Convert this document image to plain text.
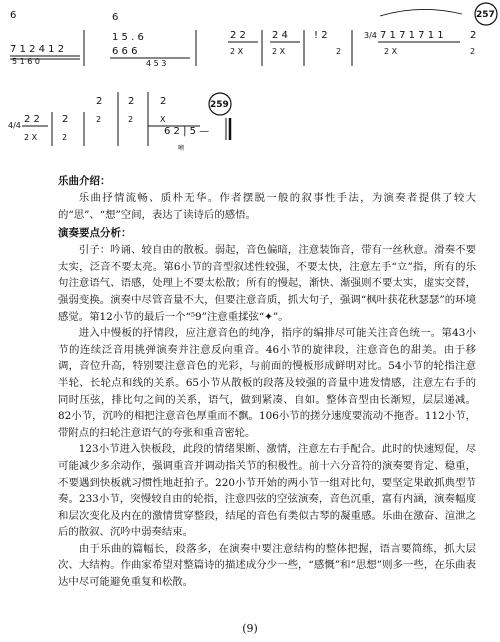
6
7 1 2 4 1 2
5 1 6 0
6
1 5 . 6
6 6 6
4 5 3
2 2
2 X
2 4
2 X
! 2
2
3/4 7 1 7 1 7 1 1
2 X
2
2
257
4/4
2 2
2 X
2
2
2
2
2
2
2
X
259
6 2 | 5 —
嗍
乐曲介绍：

乐曲抒情流畅、质朴无华。作者摆脱一般的叙事性手法，为演奏者提供了较大的“思”、“想”空间，表达了读诗后的感悟。

演奏要点分析：

引子：吟诵、较自由的散板。弱起，音色偏暗，注意装饰音，带有一丝秋意。滑奏不要太实，泛音不要太亮。第6小节的音型叙述性较强，不要太快，注意左手“立”指，所有的乐句注意语气、语感，处理上不要太松散；所有的慢起，渐快、渐强则不要太实，虚实交替，强弱变换。演奏中尽管音量不大，但要注意音质，抓大句子，强调“枫叶获花秋瑟瑟”的环境感觉。第12小节的最后一个“⁵9”注意重揉弦“✦”。

进入中慢板的抒情段，应注意音色的纯净，指序的编排尽可能关注音色统一。第43小节的连续泛音用挑弹演奏并注意反向重音。46小节的旋律段，注意音色的甜美。由于移调，音位升高，特别要注意音色的光彩，与前面的慢板形成鲜明对比。54小节的轮指注意半轮、长轮点和线的关系。65小节从散板的段落及较强的音量中进发情感，注意左右手的同时压弦，排比句之间的关系，语气，做到紧凑、自如。整体音型由长渐短，层层递减。82小节，沉吟的相把注意音色厚重而不飘。106小节的搓分速度要流动不拖沓。112小节，带附点的扫轮注意语气的夸张和重音密轮。

123小节进入快板段，此段的情绪果断、激情，注意左右手配合。此时的快速短促，尽可能减少多余动作，强调重音并调动指关节的积极性。前十六分音符的演奏要肯定、稳重，不要遇到快板就习惯性地赶拍子。220小节开始的两小节一组对比句，要坚定果敢抓典型节奏。233小节，突慢较自由的轮指，注意四弦的空弦演奏，音色沉重，富有内涵，演奏幅度和层次变化及内在的激情贯穿整段，结尾的音色有类似古琴的凝重感。乐曲在激奋、渲泄之后的散叙、沉吟中弱奏结束。

由于乐曲的篇幅长，段落多，在演奏中要注意结构的整体把握，语言要简练，抓大层次、大结构。作曲家希望对整篇诗的描述成分少一些，“感慨”和“思想”则多一些，在乐曲表达中尽可能避免重复和松散。

(9)
